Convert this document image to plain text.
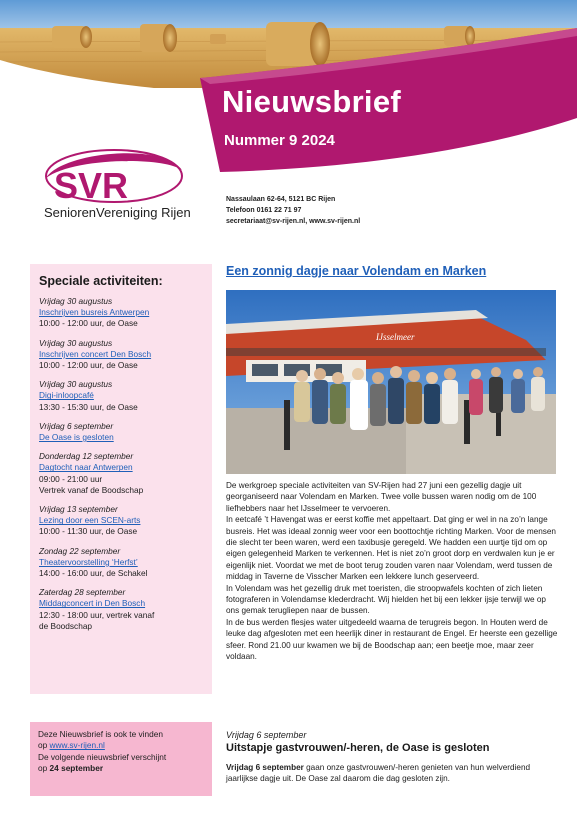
Nieuwsbrief
Nummer 9 2024
SVR
SeniorenVereniging Rijen
Nassaulaan 62-64, 5121 BC Rijen
Telefoon 0161 22 71 97
secretariaat@sv-rijen.nl, www.sv-rijen.nl
Speciale activiteiten:
Vrijdag 30 augustus
Inschrijven busreis Antwerpen
10:00 - 12:00 uur, de Oase
Vrijdag 30 augustus
Inschrijven concert Den Bosch
10:00 - 12:00 uur, de Oase
Vrijdag 30 augustus
Digi-inloopcafé
13:30 - 15:30 uur, de Oase
Vrijdag 6 september
De Oase is gesloten
Donderdag 12 september
Dagtocht naar Antwerpen
09:00 - 21:00 uur
Vertrek vanaf de Boodschap
Vrijdag 13 september
Lezing door een SCEN-arts
10:00 - 11:30 uur, de Oase
Zondag 22 september
Theatervoorstelling ‘Herfst’
14:00 - 16:00 uur, de Schakel
Zaterdag 28 september
Middagconcert in Den Bosch
12:30 - 18:00 uur, vertrek vanaf
de Boodschap
Deze Nieuwsbrief is ook te vinden
op www.sv-rijen.nl
De volgende nieuwsbrief verschijnt
op 24 september
Een zonnig dagje naar Volendam en Marken
IJsselmeer

De werkgroep speciale activiteiten van SV-Rijen had 27 juni een gezellig dagje uit georganiseerd naar Volendam en Marken. Twee volle bussen waren nodig om de 100 liefhebbers naar het IJsselmeer te vervoeren.

In eetcafé ’t Havengat was er eerst koffie met appeltaart. Dat ging er wel in na zo’n lange busreis. Het was ideaal zonnig weer voor een boottochtje richting Marken. Voor de mensen die slecht ter been waren, werd een taxibusje geregeld. We hadden een uurtje tijd om op eigen gelegenheid Marken te verkennen. Het is niet zo’n groot dorp en verdwalen kun je er eigenlijk niet. Voordat we met de boot terug zouden varen naar Volendam, werd tussen de middag in Taverne de Visscher Marken een lekkere lunch geserveerd.

In Volendam was het gezellig druk met toeristen, die stroopwafels kochten of zich lieten fotograferen in Volendamse klederdracht. Wij hielden het bij een lekker ijsje terwijl we op ons gemak terugliepen naar de bussen.

In de bus werden flesjes water uitgedeeld waarna de terugreis begon. In Houten werd de leuke dag afgesloten met een heerlijk diner in restaurant de Engel. Er heerste een gezellige sfeer. Rond 21.00 uur kwamen we bij de Boodschap aan; een beetje moe, maar zeer voldaan.

Vrijdag 6 september
Uitstapje gastvrouwen/-heren, de Oase is gesloten
Vrijdag 6 september gaan onze gastvrouwen/-heren genieten van hun welverdiend jaarlijkse dagje uit. De Oase zal daarom die dag gesloten zijn.
